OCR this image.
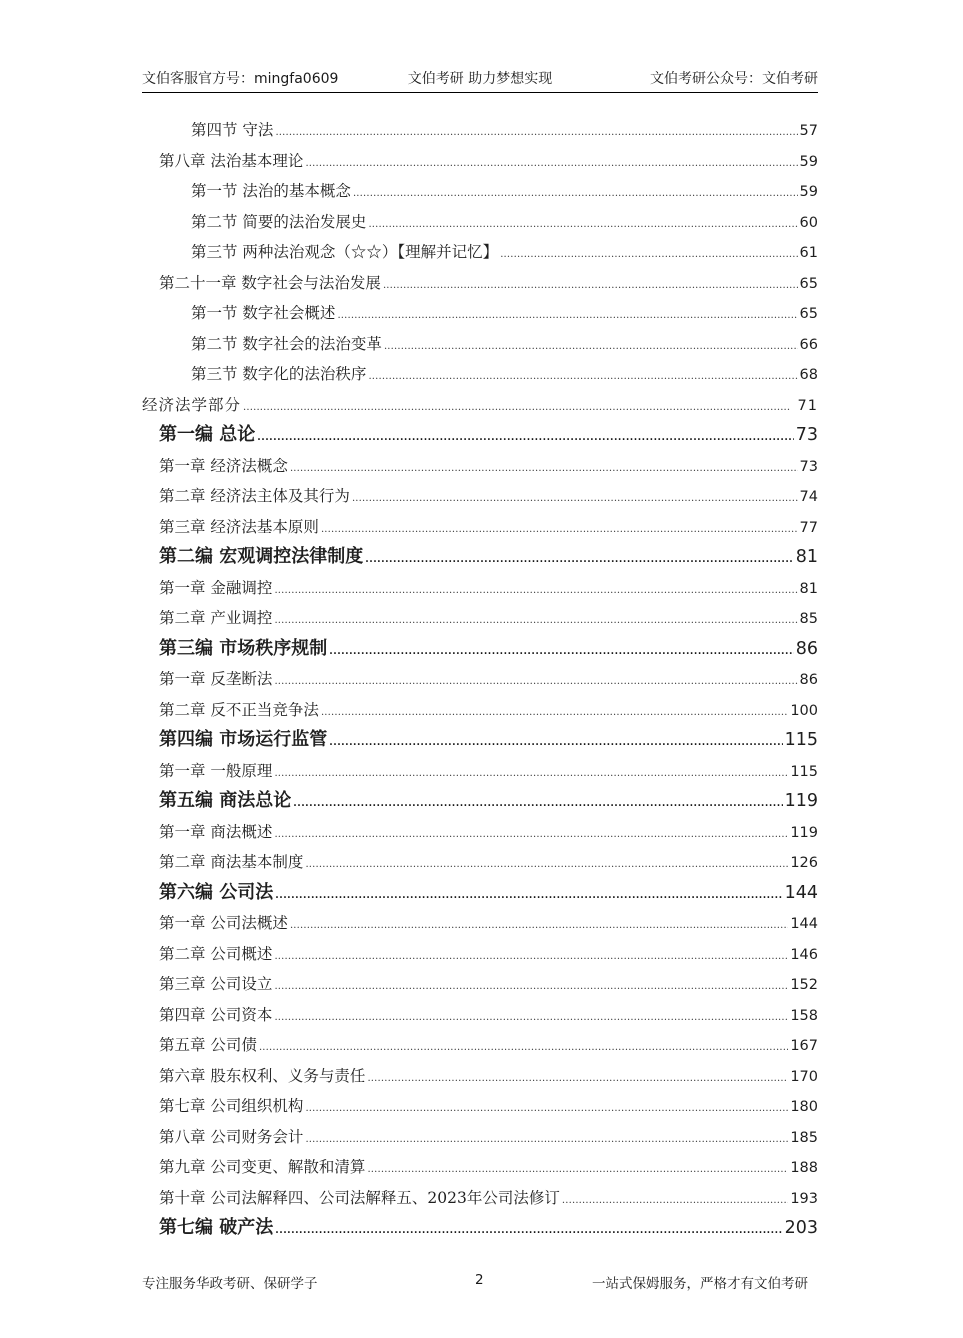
文伯客服官方号：mingfa0609	文伯考研 助力梦想实现	文伯考研公众号：文伯考研
第四节 守法 . . .	57
第八章 法治基本理论 . . .	59
第一节 法治的基本概念 . . .	59
第二节 简要的法治发展史 . . .	60
第三节 两种法治观念（☆☆）【理解并记忆】 . . .	61
第二十一章 数字社会与法治发展 . . .	65
第一节 数字社会概述 . . .	65
第二节 数字社会的法治变革 . . .	66
第三节 数字化的法治秩序 . . .	68
经济法学部分 . . .	71
第一编 总论 . . .	73
第一章 经济法概念 . . .	73
第二章 经济法主体及其行为 . . .	74
第三章 经济法基本原则 . . .	77
第二编 宏观调控法律制度 . . .	81
第一章 金融调控 . . .	81
第二章 产业调控 . . .	85
第三编 市场秩序规制 . . .	86
第一章 反垄断法 . . .	86
第二章 反不正当竞争法 . . .	100
第四编 市场运行监管 . . .	115
第一章 一般原理 . . .	115
第五编 商法总论 . . .	119
第一章 商法概述 . . .	119
第二章 商法基本制度 . . .	126
第六编 公司法 . . .	144
第一章 公司法概述 . . .	144
第二章 公司概述 . . .	146
第三章 公司设立 . . .	152
第四章 公司资本 . . .	158
第五章 公司债 . . .	167
第六章 股东权利、义务与责任 . . .	170
第七章 公司组织机构 . . .	180
第八章 公司财务会计 . . .	185
第九章 公司变更、解散和清算 . . .	188
第十章 公司法解释四、公司法解释五、2023年公司法修订 . . .	193
第七编 破产法 . . .	203
专注服务华政考研、保研学子	2	一站式保姆服务，严格才有文伯考研
